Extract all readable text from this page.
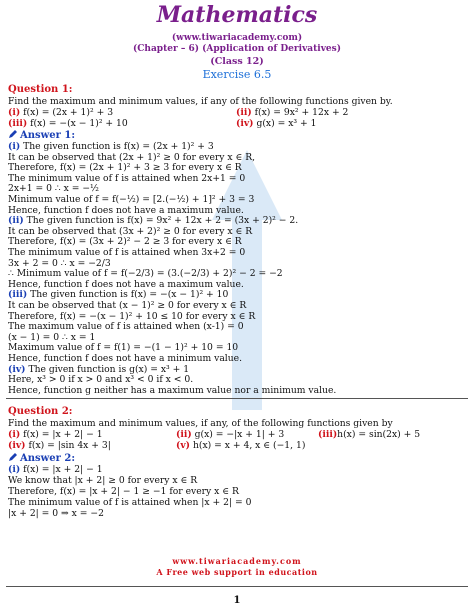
Mathematics
(www.tiwariacademy.com)
(Chapter – 6) (Application of Derivatives)
(Class 12)
Exercise 6.5
Question 1:
Find the maximum and minimum values, if any of the following functions given by.
(i) f(x) = (2x + 1)² + 3	(ii) f(x) = 9x² + 12x + 2
(iii) f(x) = −(x − 1)² + 10	(iv) g(x) = x³ + 1
Answer 1:
(i) The given function is f(x) = (2x + 1)² + 3
It can be observed that (2x + 1)² ≥ 0 for every x ∈ R,
Therefore, f(x) = (2x + 1)² + 3 ≥ 3 for every x ∈ R
The minimum value of f is attained when 2x+1 = 0
2x+1 = 0 ∴ x = −½
Minimum value of f = f(−½) = [2.(−½) + 1]² + 3 = 3
Hence, function f does not have a maximum value.
(ii) The given function is f(x) = 9x² + 12x + 2 = (3x + 2)² − 2.
It can be observed that (3x + 2)² ≥ 0 for every x ∈ R
Therefore, f(x) = (3x + 2)² − 2 ≥ 3 for every x ∈ R
The minimum value of f is attained when 3x+2 = 0
3x + 2 = 0 ∴ x = −2/3
∴ Minimum value of f = f(−2/3) = (3.(−2/3) + 2)² − 2 = −2
Hence, function f does not have a maximum value.
(iii) The given function is f(x) = −(x − 1)² + 10
It can be observed that (x − 1)² ≥ 0 for every x ∈ R
Therefore, f(x) = −(x − 1)² + 10 ≤ 10 for every x ∈ R
The maximum value of f is attained when (x-1) = 0
(x − 1) = 0 ∴ x = 1
Maximum value of f = f(1) = −(1 − 1)² + 10 = 10
Hence, function f does not have a minimum value.
(iv) The given function is g(x) = x³ + 1
Here, x³ > 0 if x > 0 and x³ < 0 if x < 0.
Hence, function g neither has a maximum value nor a minimum value.
Question 2:
Find the maximum and minimum values, if any, of the following functions given by
(i) f(x) = |x + 2| − 1	(ii) g(x) = −|x + 1| + 3	(iii)h(x) = sin(2x) + 5
(iv) f(x) = |sin 4x + 3|	(v) h(x) = x + 4, x ∈ (−1, 1)
Answer 2:
(i) f(x) = |x + 2| − 1
We know that |x + 2| ≥ 0 for every x ∈ R
Therefore, f(x) = |x + 2| − 1 ≥ −1 for every x ∈ R
The minimum value of f is attained when |x + 2| = 0
|x + 2| = 0 ⇒ x = −2
www.tiwariacademy.com
A Free web support in education
1
